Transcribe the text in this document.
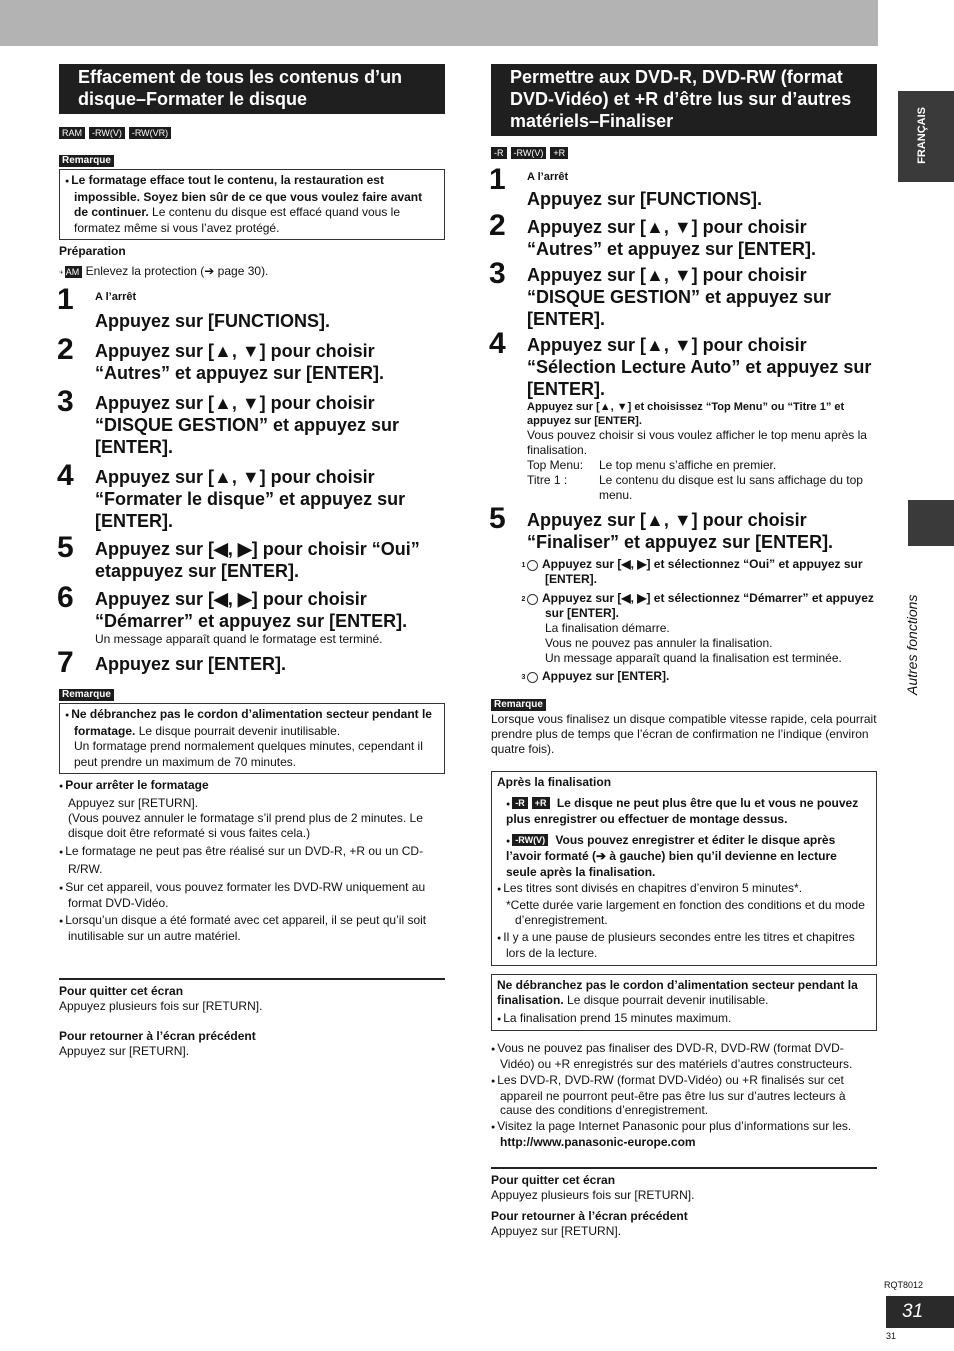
FRANÇAIS
Autres fonctions
Effacement de tous les contenus d’un disque–Formater le disque
RAM -RW(V) -RW(VR)
Remarque
● Le formatage efface tout le contenu, la restauration est impossible. Soyez bien sûr de ce que vous voulez faire avant de continuer. Le contenu du disque est effacé quand vous le formatez même si vous l’avez protégé.
Préparation
● RAM Enlevez la protection (➔ page 30).
1 A l’arrêt
Appuyez sur [FUNCTIONS].
2 Appuyez sur [▲, ▼] pour choisir “Autres” et appuyez sur [ENTER].
3 Appuyez sur [▲, ▼] pour choisir “DISQUE GESTION” et appuyez sur [ENTER].
4 Appuyez sur [▲, ▼] pour choisir “Formater le disque” et appuyez sur [ENTER].
5 Appuyez sur [◀, ▶] pour choisir “Oui” etappuyez sur [ENTER].
6 Appuyez sur [◀, ▶] pour choisir “Démarrer” et appuyez sur [ENTER].
Un message apparaît quand le formatage est terminé.
7 Appuyez sur [ENTER].
Remarque
● Ne débranchez pas le cordon d’alimentation secteur pendant le formatage. Le disque pourrait devenir inutilisable.
Un formatage prend normalement quelques minutes, cependant il peut prendre un maximum de 70 minutes.
● Pour arrêter le formatage
Appuyez sur [RETURN].
(Vous pouvez annuler le formatage s’il prend plus de 2 minutes. Le disque doit être reformaté si vous faites cela.)
● Le formatage ne peut pas être réalisé sur un DVD-R, +R ou un CD-R/RW.
● Sur cet appareil, vous pouvez formater les DVD-RW uniquement au format DVD-Vidéo.
● Lorsqu’un disque a été formaté avec cet appareil, il se peut qu’il soit inutilisable sur un autre matériel.
Pour quitter cet écran
Appuyez plusieurs fois sur [RETURN].
Pour retourner à l’écran précédent
Appuyez sur [RETURN].
Permettre aux DVD-R, DVD-RW (format DVD-Vidéo) et +R d’être lus sur d’autres matériels–Finaliser
-R -RW(V) +R
1 A l’arrêt
Appuyez sur [FUNCTIONS].
2 Appuyez sur [▲, ▼] pour choisir “Autres” et appuyez sur [ENTER].
3 Appuyez sur [▲, ▼] pour choisir “DISQUE GESTION” et appuyez sur [ENTER].
4 Appuyez sur [▲, ▼] pour choisir “Sélection Lecture Auto” et appuyez sur [ENTER].
Appuyez sur [▲, ▼] et choisissez “Top Menu” ou “Titre 1” et appuyez sur [ENTER].
Vous pouvez choisir si vous voulez afficher le top menu après la finalisation.
Top Menu:	Le top menu s’affiche en premier.
Titre 1 :	Le contenu du disque est lu sans affichage du top menu.
5 Appuyez sur [▲, ▼] pour choisir “Finaliser” et appuyez sur [ENTER].
1 Appuyez sur [◀, ▶] et sélectionnez “Oui” et appuyez sur [ENTER].
2 Appuyez sur [◀, ▶] et sélectionnez “Démarrer” et appuyez sur [ENTER].
La finalisation démarre.
Vous ne pouvez pas annuler la finalisation.
Un message apparaît quand la finalisation est terminée.
3 Appuyez sur [ENTER].
Remarque
Lorsque vous finalisez un disque compatible vitesse rapide, cela pourrait prendre plus de temps que l’écran de confirmation ne l’indique (environ quatre fois).
Après la finalisation
● -R +R Le disque ne peut plus être que lu et vous ne pouvez plus enregistrer ou effectuer de montage dessus.
● -RW(V) Vous pouvez enregistrer et éditer le disque après l’avoir formaté (➔ à gauche) bien qu’il devienne en lecture seule après la finalisation.
● Les titres sont divisés en chapitres d’environ 5 minutes*.
*Cette durée varie largement en fonction des conditions et du mode d’enregistrement.
● Il y a une pause de plusieurs secondes entre les titres et chapitres lors de la lecture.
Ne débranchez pas le cordon d’alimentation secteur pendant la finalisation. Le disque pourrait devenir inutilisable.
● La finalisation prend 15 minutes maximum.
● Vous ne pouvez pas finaliser des DVD-R, DVD-RW (format DVD-Vidéo) ou +R enregistrés sur des matériels d’autres constructeurs.
● Les DVD-R, DVD-RW (format DVD-Vidéo) ou +R finalisés sur cet appareil ne pourront peut-être pas être lus sur d’autres lecteurs à cause des conditions d’enregistrement.
● Visitez la page Internet Panasonic pour plus d’informations sur les.
http://www.panasonic-europe.com
Pour quitter cet écran
Appuyez plusieurs fois sur [RETURN].
Pour retourner à l’écran précédent
Appuyez sur [RETURN].
RQT8012
31
31
